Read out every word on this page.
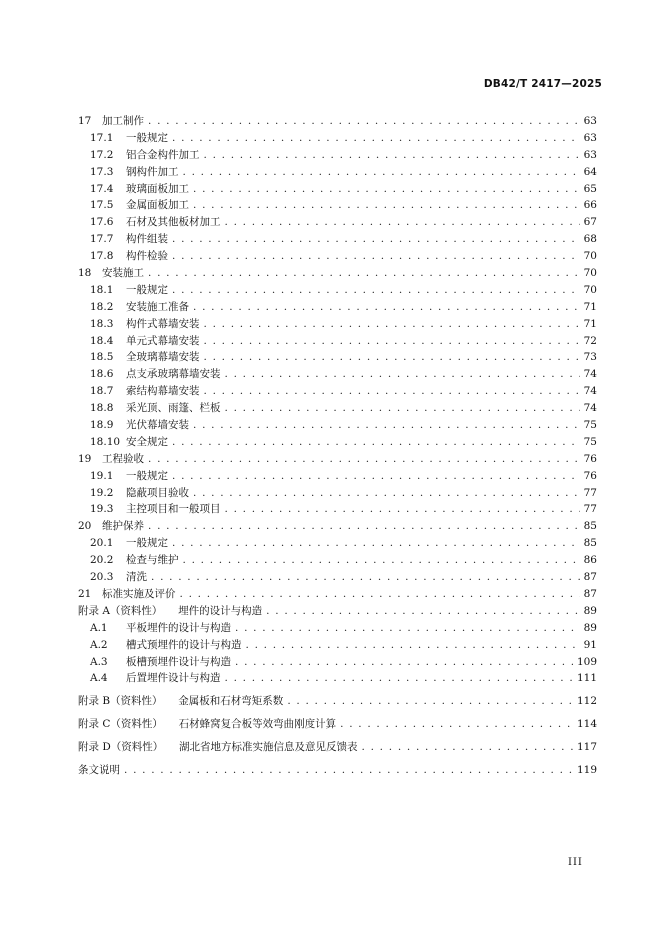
DB42/T 2417—2025
17	加工制作 . . .	63
17.1	一般规定 . . .	63
17.2	铝合金构件加工 . . .	63
17.3	钢构件加工 . . .	64
17.4	玻璃面板加工 . . .	65
17.5	金属面板加工 . . .	66
17.6	石材及其他板材加工 . . .	67
17.7	构件组装 . . .	68
17.8	构件检验 . . .	70
18	安装施工 . . .	70
18.1	一般规定 . . .	70
18.2	安装施工准备 . . .	71
18.3	构件式幕墙安装 . . .	71
18.4	单元式幕墙安装 . . .	72
18.5	全玻璃幕墙安装 . . .	73
18.6	点支承玻璃幕墙安装 . . .	74
18.7	索结构幕墙安装 . . .	74
18.8	采光顶、雨篷、栏板 . . .	74
18.9	光伏幕墙安装 . . .	75
18.10 安全规定 . . .	75
19	工程验收 . . .	76
19.1	一般规定 . . .	76
19.2	隐蔽项目验收 . . .	77
19.3	主控项目和一般项目 . . .	77
20	维护保养 . . .	85
20.1	一般规定 . . .	85
20.2	检查与维护 . . .	86
20.3	清洗 . . .	87
21	标准实施及评价 . . .	87
附录 A（资料性）　　埋件的设计与构造 . . .	89
A.1	平板埋件的设计与构造 . . .	89
A.2	槽式预埋件的设计与构造 . . .	91
A.3	板槽预埋件设计与构造 . . .	109
A.4	后置埋件设计与构造 . . .	111
附录 B（资料性）　　金属板和石材弯矩系数 . . .	112
附录 C（资料性）　　石材蜂窝复合板等效弯曲刚度计算 . . .	114
附录 D（资料性）　　湖北省地方标准实施信息及意见反馈表 . . .	117
条文说明 . . .	119
III
